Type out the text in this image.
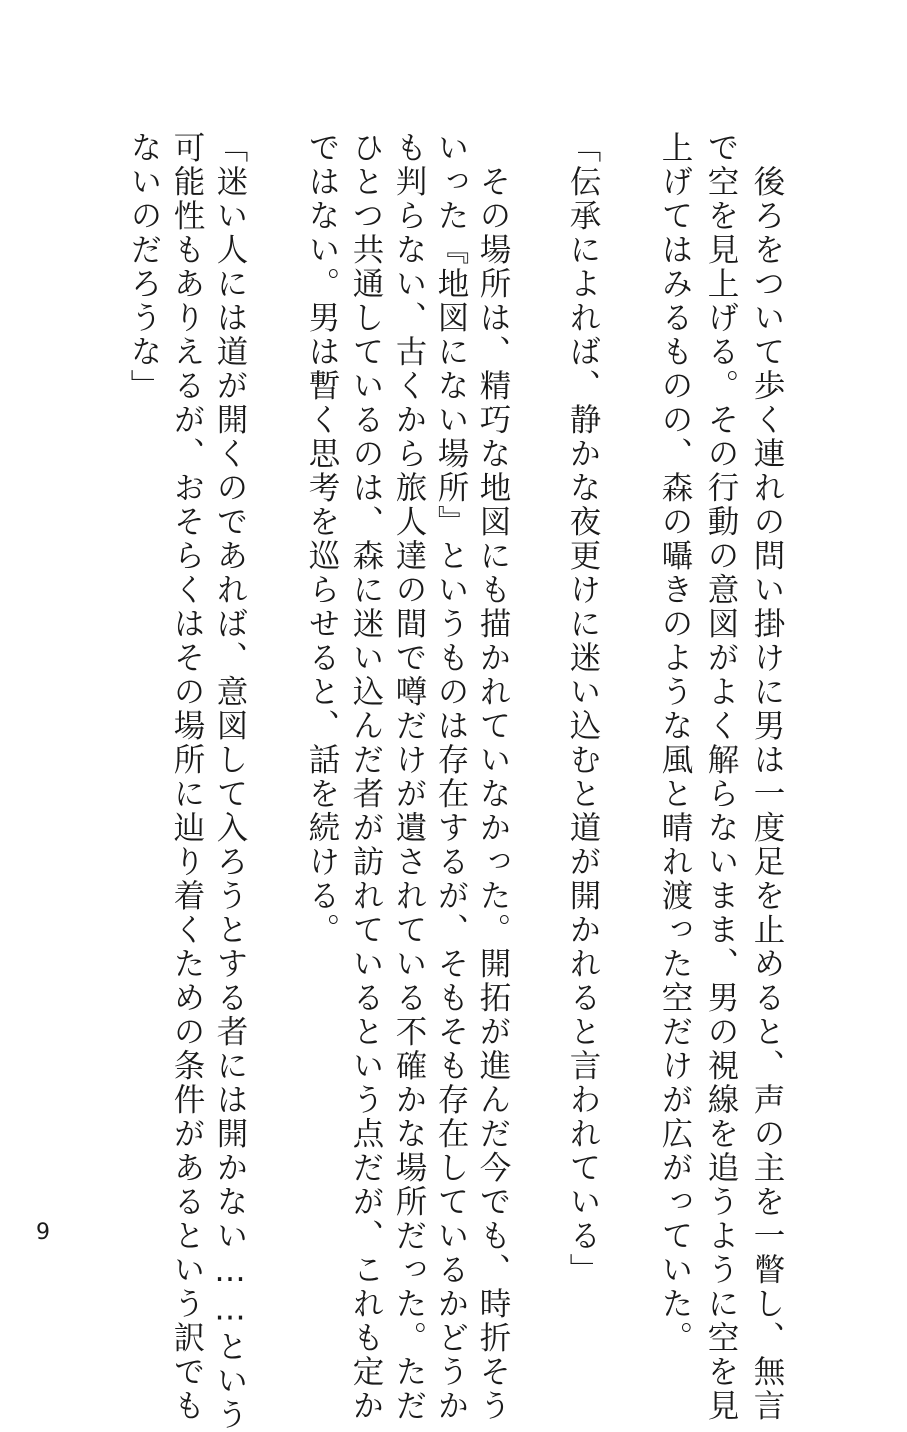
　後ろをついて歩く連れの問い掛けに男は一度足を止めると、声の主を一瞥し、無言
で空を見上げる。その行動の意図がよく解らないまま、男の視線を追うように空を見
上げてはみるものの、森の囁きのような風と晴れ渡った空だけが広がっていた。
「伝承によれば、静かな夜更けに迷い込むと道が開かれると言われている」
　その場所は、精巧な地図にも描かれていなかった。開拓が進んだ今でも、時折そう
いった『地図にない場所』というものは存在するが、そもそも存在しているかどうか
も判らない、古くから旅人達の間で噂だけが遺されている不確かな場所だった。ただ
ひとつ共通しているのは、森に迷い込んだ者が訪れているという点だが、これも定か
ではない。男は暫く思考を巡らせると、話を続ける。
「迷い人には道が開くのであれば、意図して入ろうとする者には開かない……という
可能性もありえるが、おそらくはその場所に辿り着くための条件があるという訳でも
ないのだろうな」
9
